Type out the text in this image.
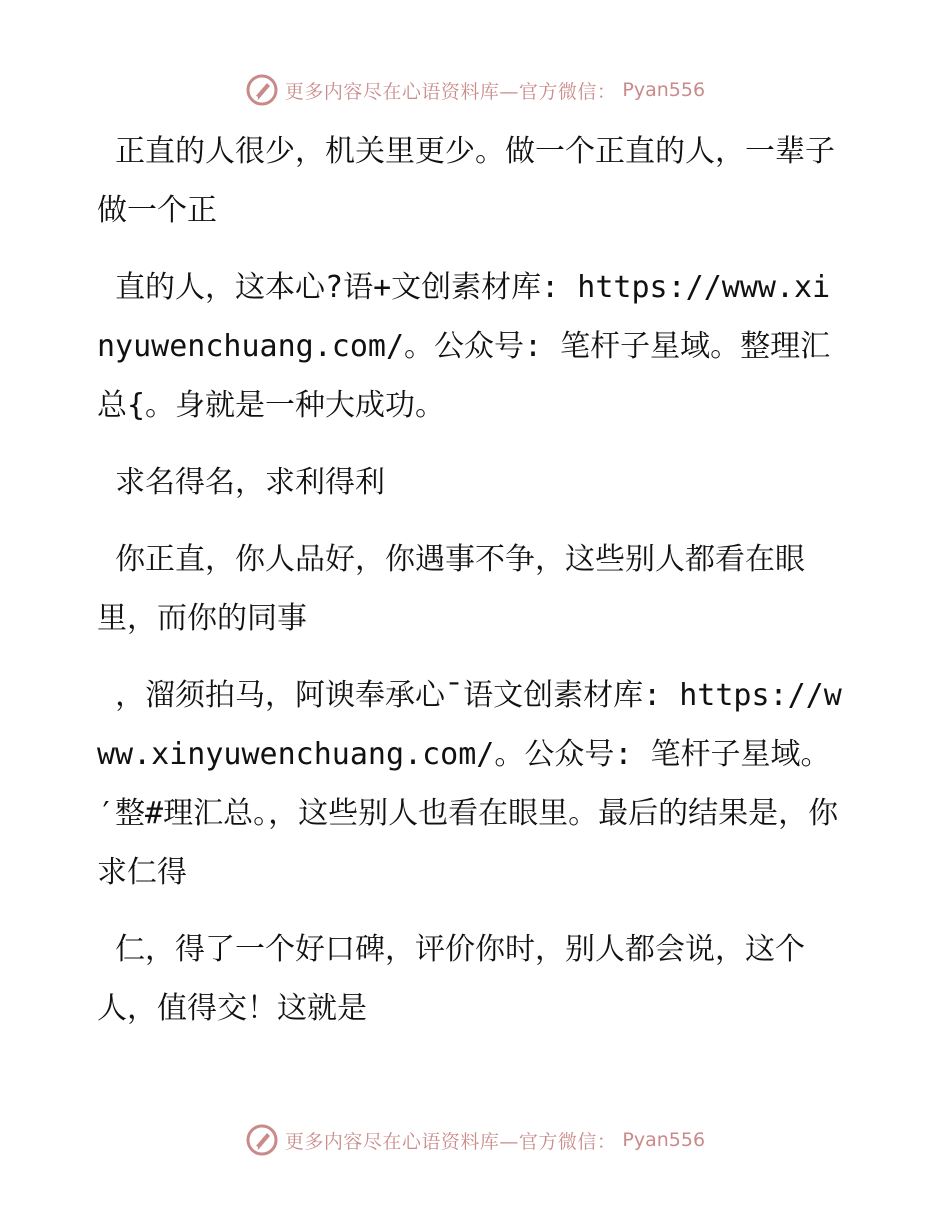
更多内容尽在心语资料库—官方微信： Pyan556

正直的人很少，机关里更少。做一个正直的人，一辈子做一个正

直的人，这本心?语+文创素材库: https://www.xinyuwenchuang.com/。公众号: 笔杆子星域。整理汇总{。身就是一种大成功。

求名得名，求利得利

你正直，你人品好，你遇事不争，这些别人都看在眼里，而你的同事

，溜须拍马，阿谀奉承心¯语文创素材库: https://www.xinyuwenchuang.com/。公众号: 笔杆子星域。′整#理汇总。，这些别人也看在眼里。最后的结果是，你求仁得

仁，得了一个好口碑，评价你时，别人都会说，这个人，值得交！这就是

更多内容尽在心语资料库—官方微信： Pyan556
